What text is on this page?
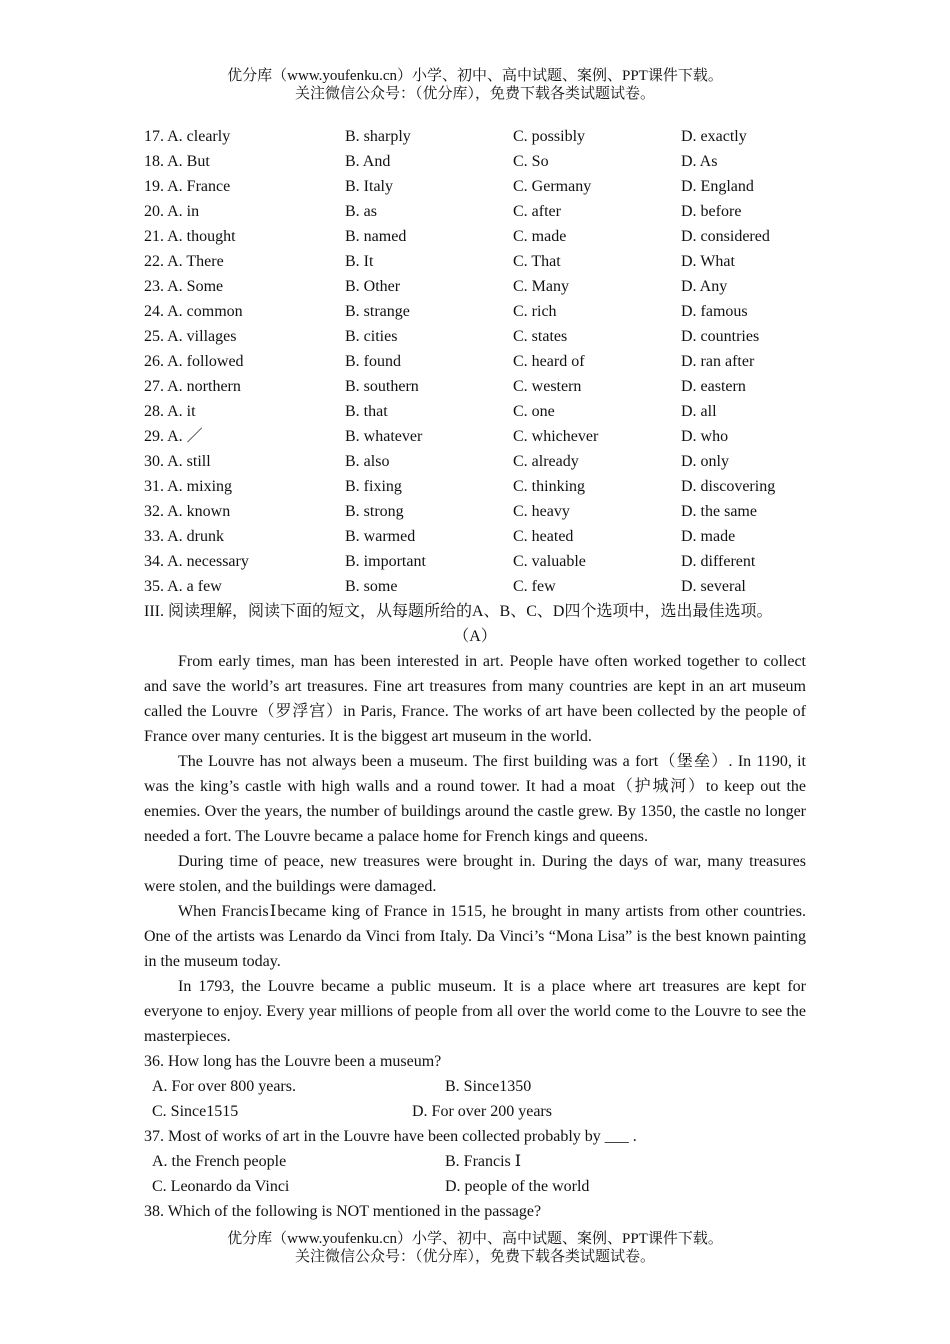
优分库（www.youfenku.cn）小学、初中、高中试题、案例、PPT课件下载。
关注微信公众号：（优分库），免费下载各类试题试卷。
17. A. clearly	B. sharply	C. possibly	D. exactly
18. A. But	B. And	C. So	D. As
19. A. France	B. Italy	C. Germany	D. England
20. A. in	B. as	C. after	D. before
21. A. thought	B. named	C. made	D. considered
22. A. There	B. It	C. That	D. What
23. A. Some	B. Other	C. Many	D. Any
24. A. common	B. strange	C. rich	D. famous
25. A. villages	B. cities	C. states	D. countries
26. A. followed	B. found	C. heard of	D. ran after
27. A. northern	B. southern	C. western	D. eastern
28. A. it	B. that	C. one	D. all
29. A. ／	B. whatever	C. whichever	D. who
30. A. still	B. also	C. already	D. only
31. A. mixing	B. fixing	C. thinking	D. discovering
32. A. known	B. strong	C. heavy	D. the same
33. A. drunk	B. warmed	C. heated	D. made
34. A. necessary	B. important	C. valuable	D. different
35. A. a few	B. some	C. few	D. several
III. 阅读理解，阅读下面的短文，从每题所给的A、B、C、D四个选项中，选出最佳选项。
（A）

From early times, man has been interested in art. People have often worked together to collect and save the world’s art treasures. Fine art treasures from many countries are kept in an art museum called the Louvre（罗浮宫）in Paris, France. The works of art have been collected by the people of France over many centuries. It is the biggest art museum in the world.

The Louvre has not always been a museum. The first building was a fort（堡垒）. In 1190, it was the king’s castle with high walls and a round tower. It had a moat（护城河）to keep out the enemies. Over the years, the number of buildings around the castle grew. By 1350, the castle no longer needed a fort. The Louvre became a palace home for French kings and queens.

During time of peace, new treasures were brought in. During the days of war, many treasures were stolen, and the buildings were damaged.

When FrancisⅠbecame king of France in 1515, he brought in many artists from other countries. One of the artists was Lenardo da Vinci from Italy. Da Vinci’s “Mona Lisa” is the best known painting in the museum today.

In 1793, the Louvre became a public museum. It is a place where art treasures are kept for everyone to enjoy. Every year millions of people from all over the world come to the Louvre to see the masterpieces.

36. How long has the Louvre been a museum?
A. For over 800 years.	B. Since1350
C. Since1515	D. For over 200 years
37. Most of works of art in the Louvre have been collected probably by ___ .
A. the French people	B. Francis Ⅰ
C. Leonardo da Vinci	D. people of the world
38. Which of the following is NOT mentioned in the passage?
优分库（www.youfenku.cn）小学、初中、高中试题、案例、PPT课件下载。
关注微信公众号：（优分库），免费下载各类试题试卷。
